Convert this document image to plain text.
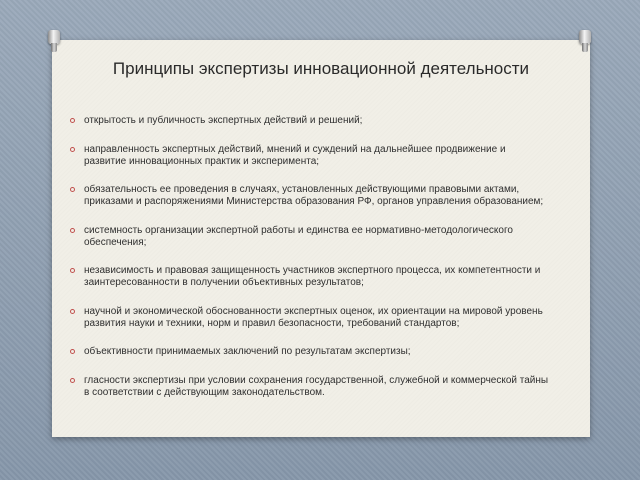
Принципы экспертизы инновационной деятельности
открытость и публичность экспертных действий и решений;
направленность экспертных действий, мнений и суждений на дальнейшее продвижение и развитие инновационных практик и эксперимента;
обязательность ее проведения в случаях, установленных действующими правовыми актами, приказами и распоряжениями Министерства образования РФ, органов управления образованием;
системность организации экспертной работы и единства ее нормативно-методологического обеспечения;
независимость и правовая защищенность участников экспертного процесса, их компетентности и заинтересованности в получении объективных результатов;
научной и экономической обоснованности экспертных оценок, их ориентации на мировой уровень развития науки и техники, норм и правил безопасности, требований стандартов;
объективности принимаемых заключений по результатам экспертизы;
гласности экспертизы при условии сохранения государственной, служебной и коммерческой тайны в соответствии с действующим законодательством.
